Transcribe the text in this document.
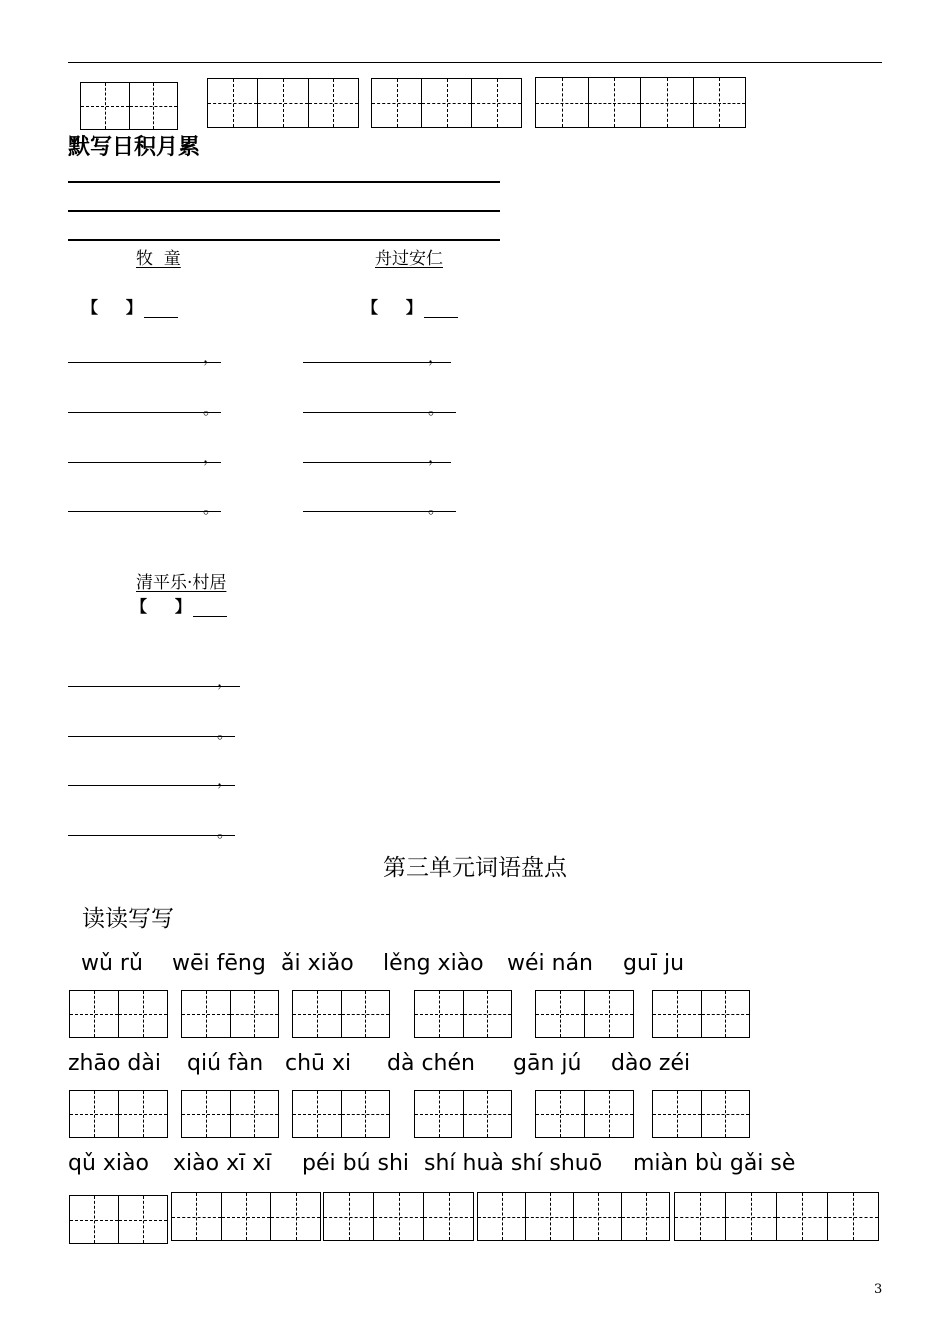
默写日积月累
牧  童
【     】
，
。
，
。
舟过安仁
【     】
，
。
，
。
清平乐·村居
【     】
，
。
，
。
第三单元词语盘点
读读写写
wǔ rǔ wēi fēng ǎi xiǎo lěng xiào wéi nán guī ju
zhāo dài qiú fàn chū xi dà chén gān jú dào zéi
qǔ xiào xiào xī xī péi bú shi shí huà shí shuō miàn bù gǎi sè
3
